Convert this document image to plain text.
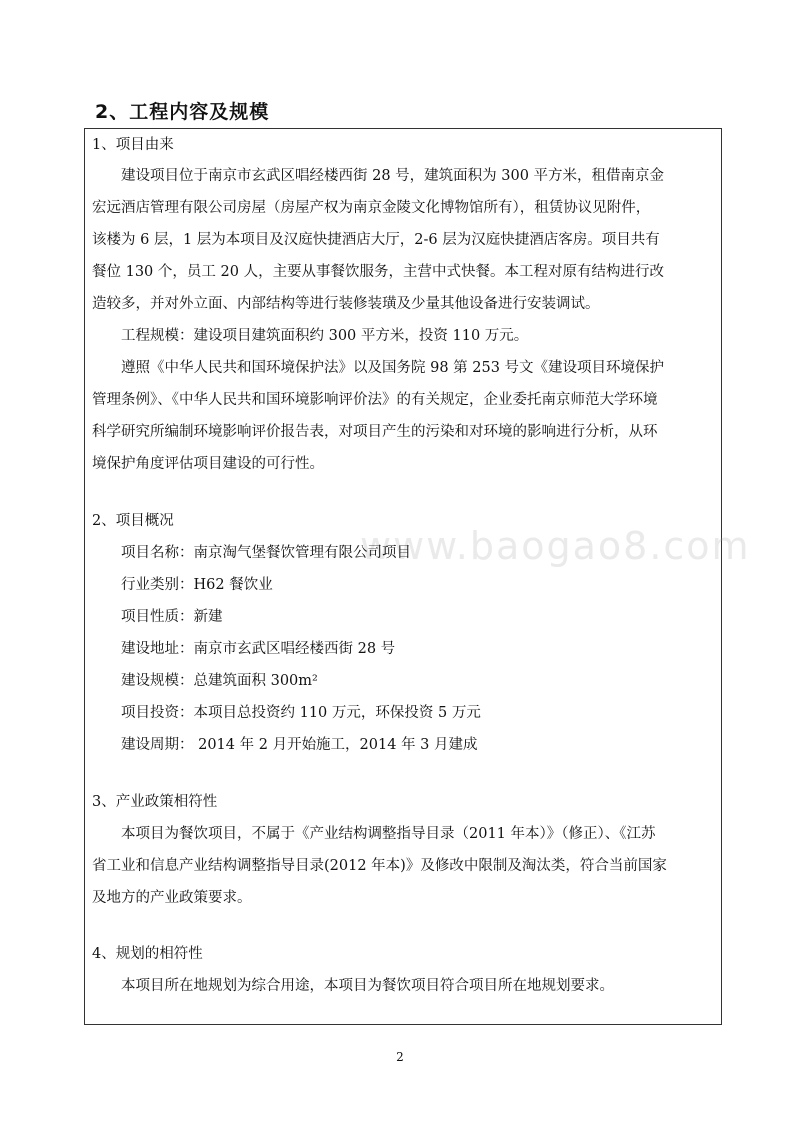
2、工程内容及规模
www.baogao8.com
1、项目由来
建设项目位于南京市玄武区唱经楼西街 28 号，建筑面积为 300 平方米，租借南京金
宏远酒店管理有限公司房屋（房屋产权为南京金陵文化博物馆所有），租赁协议见附件，
该楼为 6 层，1 层为本项目及汉庭快捷酒店大厅，2-6 层为汉庭快捷酒店客房。项目共有
餐位 130 个，员工 20 人，主要从事餐饮服务，主营中式快餐。本工程对原有结构进行改
造较多，并对外立面、内部结构等进行装修装璜及少量其他设备进行安装调试。
工程规模：建设项目建筑面积约 300 平方米，投资 110 万元。
遵照《中华人民共和国环境保护法》以及国务院 98 第 253 号文《建设项目环境保护
管理条例》、《中华人民共和国环境影响评价法》的有关规定，企业委托南京师范大学环境
科学研究所编制环境影响评价报告表，对项目产生的污染和对环境的影响进行分析，从环
境保护角度评估项目建设的可行性。
2、项目概况
项目名称：南京淘气堡餐饮管理有限公司项目
行业类别：H62 餐饮业
项目性质：新建
建设地址：南京市玄武区唱经楼西街 28 号
建设规模：总建筑面积 300m²
项目投资：本项目总投资约 110 万元，环保投资 5 万元
建设周期： 2014 年 2 月开始施工，2014 年 3 月建成
3、产业政策相符性
本项目为餐饮项目，不属于《产业结构调整指导目录（2011 年本）》（修正）、《江苏
省工业和信息产业结构调整指导目录(2012 年本)》及修改中限制及淘汰类，符合当前国家
及地方的产业政策要求。
4、规划的相符性
本项目所在地规划为综合用途，本项目为餐饮项目符合项目所在地规划要求。
2
